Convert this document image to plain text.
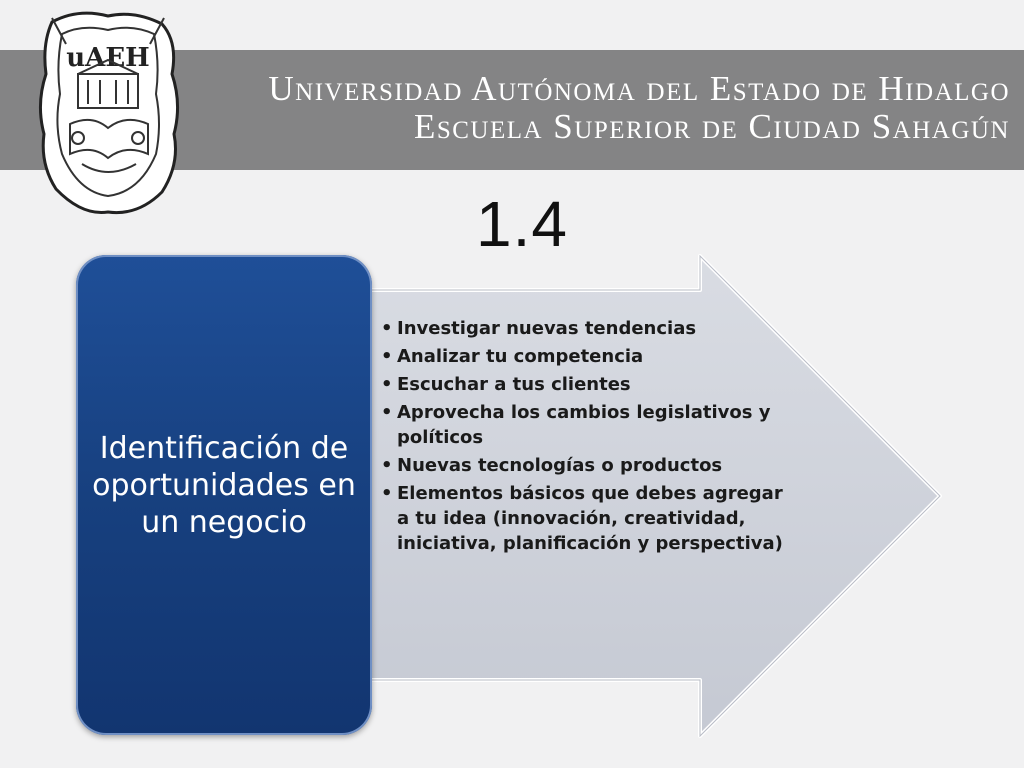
Universidad Autónoma del Estado de Hidalgo

Escuela Superior de Ciudad Sahagún

uAEH

1.4

Identificación de oportunidades en un negocio

• Investigar nuevas tendencias
• Analizar tu competencia
• Escuchar a tus clientes
• Aprovecha los cambios legislativos y políticos
• Nuevas tecnologías o productos
• Elementos básicos que debes agregar a tu idea (innovación, creatividad, iniciativa, planificación y perspectiva)
